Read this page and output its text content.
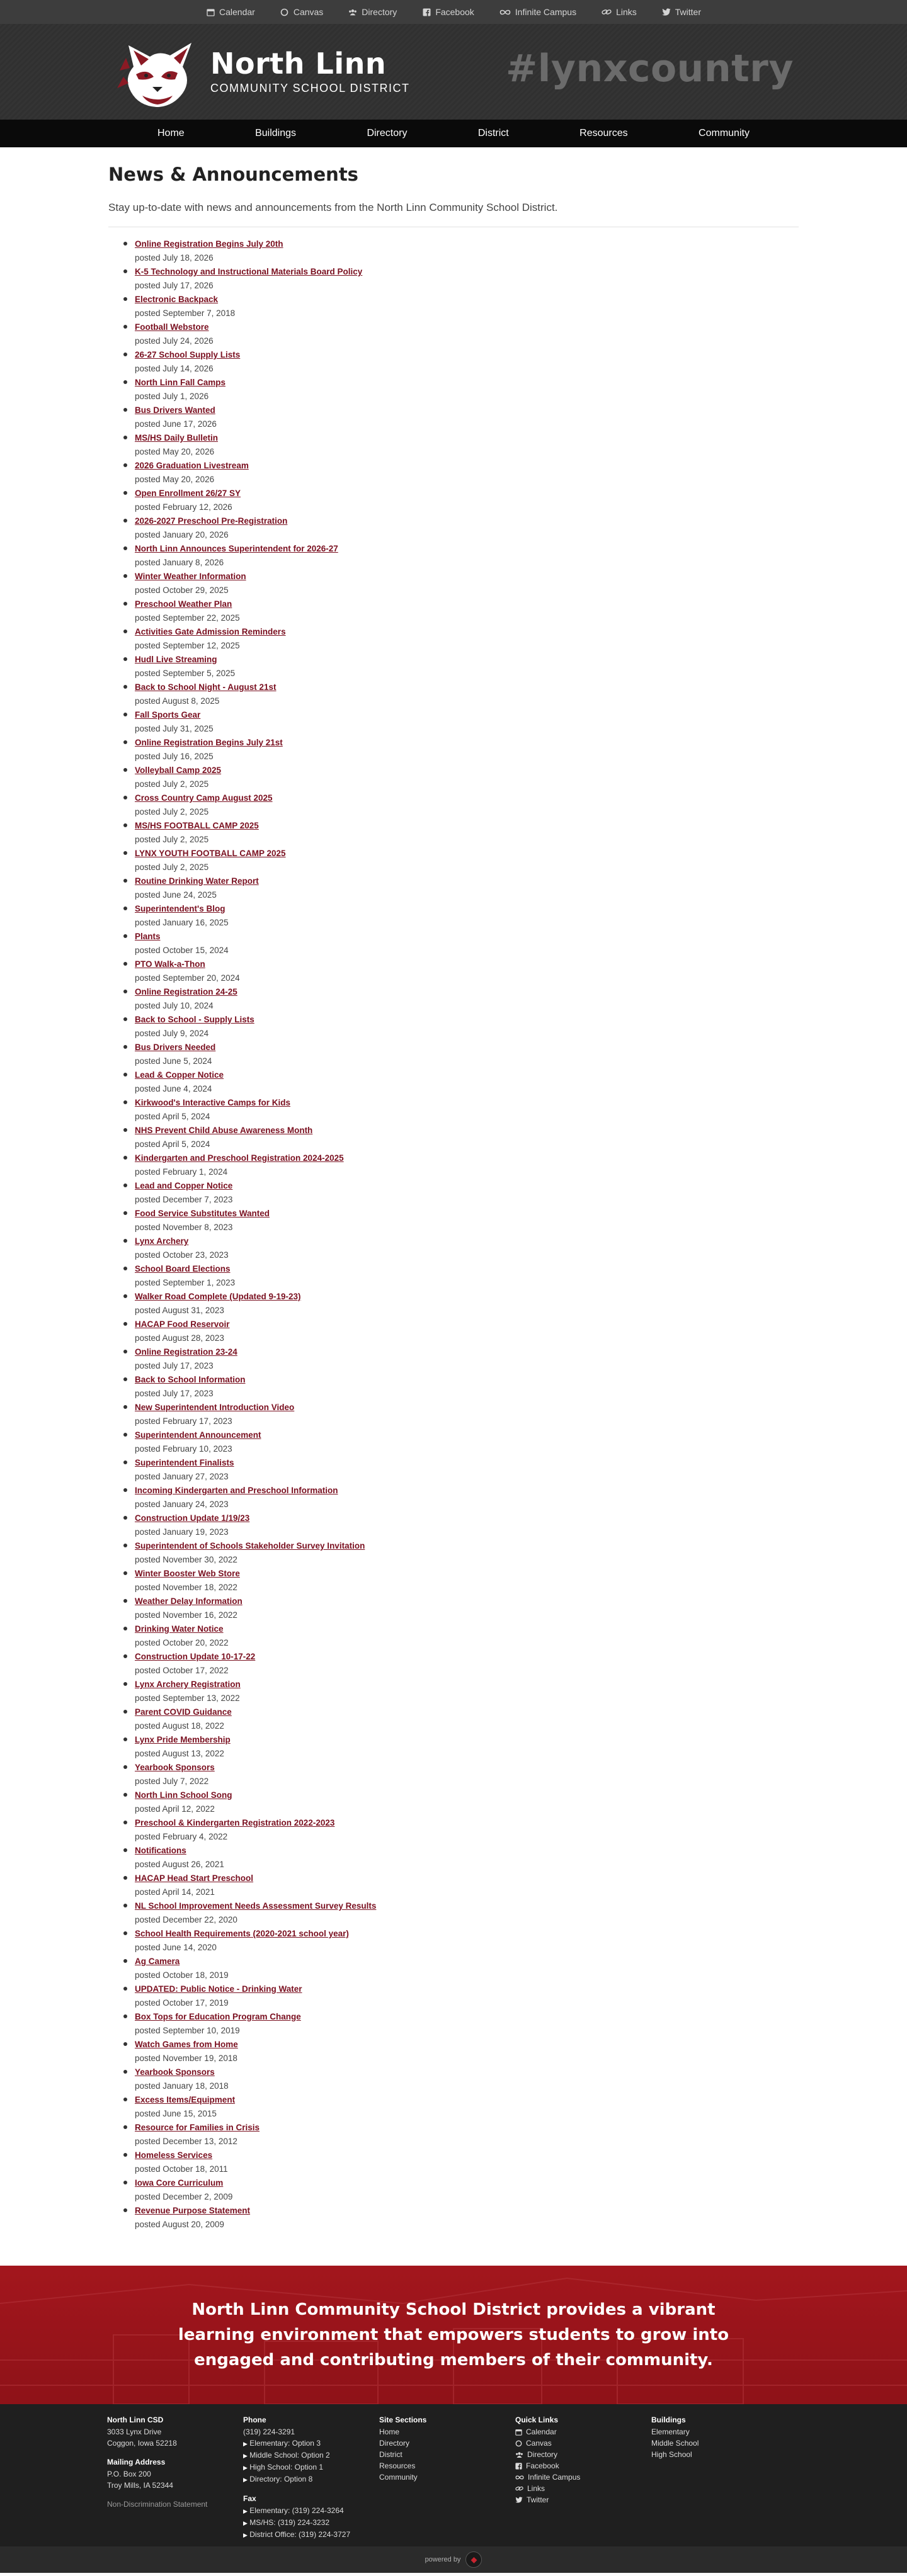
Calendar	Canvas	Directory	Facebook	Infinite Campus	Links	Twitter
North Linn
COMMUNITY SCHOOL DISTRICT	#lynxcountry
Home	Buildings	Directory	District	Resources	Community
News & Announcements

Stay up-to-date with news and announcements from the North Linn Community School District.

Online Registration Begins July 20th
posted July 18, 2026
K-5 Technology and Instructional Materials Board Policy
posted July 17, 2026
Electronic Backpack
posted September 7, 2018
Football Webstore
posted July 24, 2026
26-27 School Supply Lists
posted July 14, 2026
North Linn Fall Camps
posted July 1, 2026
Bus Drivers Wanted
posted June 17, 2026
MS/HS Daily Bulletin
posted May 20, 2026
2026 Graduation Livestream
posted May 20, 2026
Open Enrollment 26/27 SY
posted February 12, 2026
2026-2027 Preschool Pre-Registration
posted January 20, 2026
North Linn Announces Superintendent for 2026-27
posted January 8, 2026
Winter Weather Information
posted October 29, 2025
Preschool Weather Plan
posted September 22, 2025
Activities Gate Admission Reminders
posted September 12, 2025
Hudl Live Streaming
posted September 5, 2025
Back to School Night - August 21st
posted August 8, 2025
Fall Sports Gear
posted July 31, 2025
Online Registration Begins July 21st
posted July 16, 2025
Volleyball Camp 2025
posted July 2, 2025
Cross Country Camp August 2025
posted July 2, 2025
MS/HS FOOTBALL CAMP 2025
posted July 2, 2025
LYNX YOUTH FOOTBALL CAMP 2025
posted July 2, 2025
Routine Drinking Water Report
posted June 24, 2025
Superintendent's Blog
posted January 16, 2025
Plants
posted October 15, 2024
PTO Walk-a-Thon
posted September 20, 2024
Online Registration 24-25
posted July 10, 2024
Back to School - Supply Lists
posted July 9, 2024
Bus Drivers Needed
posted June 5, 2024
Lead & Copper Notice
posted June 4, 2024
Kirkwood's Interactive Camps for Kids
posted April 5, 2024
NHS Prevent Child Abuse Awareness Month
posted April 5, 2024
Kindergarten and Preschool Registration 2024-2025
posted February 1, 2024
Lead and Copper Notice
posted December 7, 2023
Food Service Substitutes Wanted
posted November 8, 2023
Lynx Archery
posted October 23, 2023
School Board Elections
posted September 1, 2023
Walker Road Complete (Updated 9-19-23)
posted August 31, 2023
HACAP Food Reservoir
posted August 28, 2023
Online Registration 23-24
posted July 17, 2023
Back to School Information
posted July 17, 2023
New Superintendent Introduction Video
posted February 17, 2023
Superintendent Announcement
posted February 10, 2023
Superintendent Finalists
posted January 27, 2023
Incoming Kindergarten and Preschool Information
posted January 24, 2023
Construction Update 1/19/23
posted January 19, 2023
Superintendent of Schools Stakeholder Survey Invitation
posted November 30, 2022
Winter Booster Web Store
posted November 18, 2022
Weather Delay Information
posted November 16, 2022
Drinking Water Notice
posted October 20, 2022
Construction Update 10-17-22
posted October 17, 2022
Lynx Archery Registration
posted September 13, 2022
Parent COVID Guidance
posted August 18, 2022
Lynx Pride Membership
posted August 13, 2022
Yearbook Sponsors
posted July 7, 2022
North Linn School Song
posted April 12, 2022
Preschool & Kindergarten Registration 2022-2023
posted February 4, 2022
Notifications
posted August 26, 2021
HACAP Head Start Preschool
posted April 14, 2021
NL School Improvement Needs Assessment Survey Results
posted December 22, 2020
School Health Requirements (2020-2021 school year)
posted June 14, 2020
Ag Camera
posted October 18, 2019
UPDATED: Public Notice - Drinking Water
posted October 17, 2019
Box Tops for Education Program Change
posted September 10, 2019
Watch Games from Home
posted November 19, 2018
Yearbook Sponsors
posted January 18, 2018
Excess Items/Equipment
posted June 15, 2015
Resource for Families in Crisis
posted December 13, 2012
Homeless Services
posted October 18, 2011
Iowa Core Curriculum
posted December 2, 2009
Revenue Purpose Statement
posted August 20, 2009

North Linn Community School District provides a vibrant learning environment that empowers students to grow into engaged and contributing members of their community.

North Linn CSD
3033 Lynx Drive
Coggon, Iowa 52218
Mailing Address
P.O. Box 200
Troy Mills, IA 52344
Non-Discrimination Statement
Phone
(319) 224-3291
▶ Elementary: Option 3
▶ Middle School: Option 2
▶ High School: Option 1
▶ Directory: Option 8
Fax
▶ Elementary: (319) 224-3264
▶ MS/HS: (319) 224-3232
▶ District Office: (319) 224-3727
Site Sections
Home
Directory
District
Resources
Community
Quick Links
Calendar
Canvas
Directory
Facebook
Infinite Campus
Links
Twitter
Buildings
Elementary
Middle School
High School
powered by	◆
